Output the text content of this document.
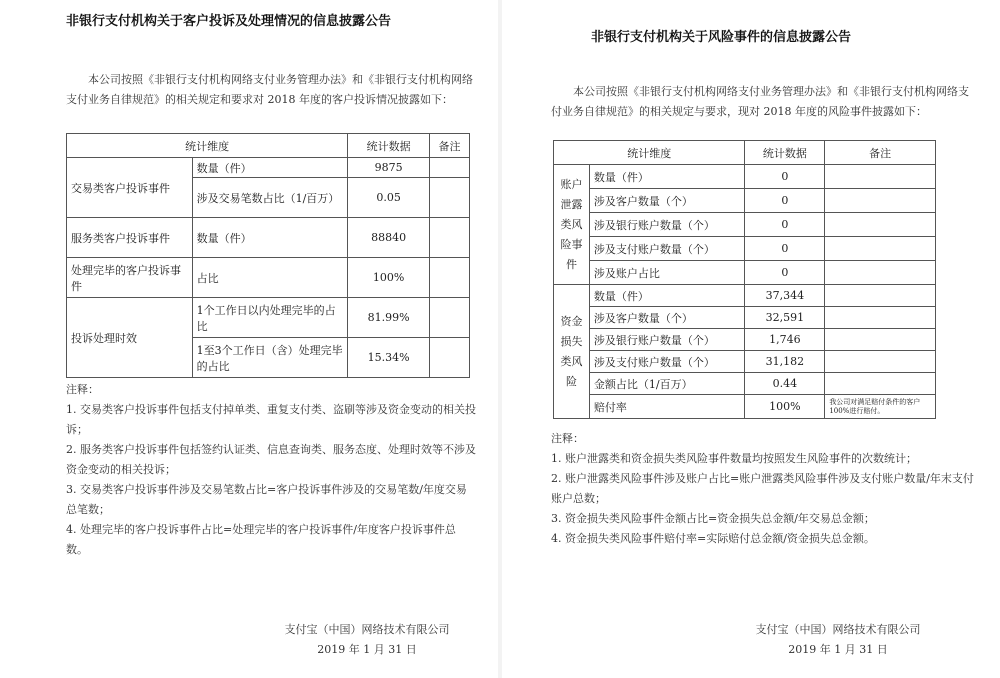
非银行支付机构关于客户投诉及处理情况的信息披露公告

本公司按照《非银行支付机构网络支付业务管理办法》和《非银行支付机构网络支付业务自律规范》的相关规定和要求对 2018 年度的客户投诉情况披露如下：

统计维度		统计数据	备注
交易类客户投诉事件	数量（件）	9875	
	涉及交易笔数占比（1/百万）	0.05	
服务类客户投诉事件	数量（件）	88840	
处理完毕的客户投诉事件	占比	100%	
投诉处理时效	1个工作日以内处理完毕的占比	81.99%	
	1至3个工作日（含）处理完毕的占比	15.34%	

注释：

1. 交易类客户投诉事件包括支付掉单类、重复支付类、盗刷等涉及资金变动的相关投诉；

2. 服务类客户投诉事件包括签约认证类、信息查询类、服务态度、处理时效等不涉及资金变动的相关投诉；

3. 交易类客户投诉事件涉及交易笔数占比=客户投诉事件涉及的交易笔数/年度交易总笔数；

4. 处理完毕的客户投诉事件占比=处理完毕的客户投诉事件/年度客户投诉事件总数。

支付宝（中国）网络技术有限公司
2019 年 1 月 31 日
非银行支付机构关于风险事件的信息披露公告

本公司按照《非银行支付机构网络支付业务管理办法》和《非银行支付机构网络支付业务自律规范》的相关规定与要求，现对 2018 年度的风险事件披露如下：

统计维度		统计数据	备注
账户泄露类风险事件	数量（件）	0	
	涉及客户数量（个）	0	
	涉及银行账户数量（个）	0	
	涉及支付账户数量（个）	0	
	涉及账户占比	0	
资金损失类风险	数量（件）	37,344	
	涉及客户数量（个）	32,591	
	涉及银行账户数量（个）	1,746	
	涉及支付账户数量（个）	31,182	
	金额占比（1/百万）	0.44	
	赔付率	100%	我公司对满足赔付条件的客户100%进行赔付。

注释：

1. 账户泄露类和资金损失类风险事件数量均按照发生风险事件的次数统计；

2. 账户泄露类风险事件涉及账户占比=账户泄露类风险事件涉及支付账户数量/年末支付账户总数；

3. 资金损失类风险事件金额占比=资金损失总金额/年交易总金额；

4. 资金损失类风险事件赔付率=实际赔付总金额/资金损失总金额。

支付宝（中国）网络技术有限公司
2019 年 1 月 31 日
